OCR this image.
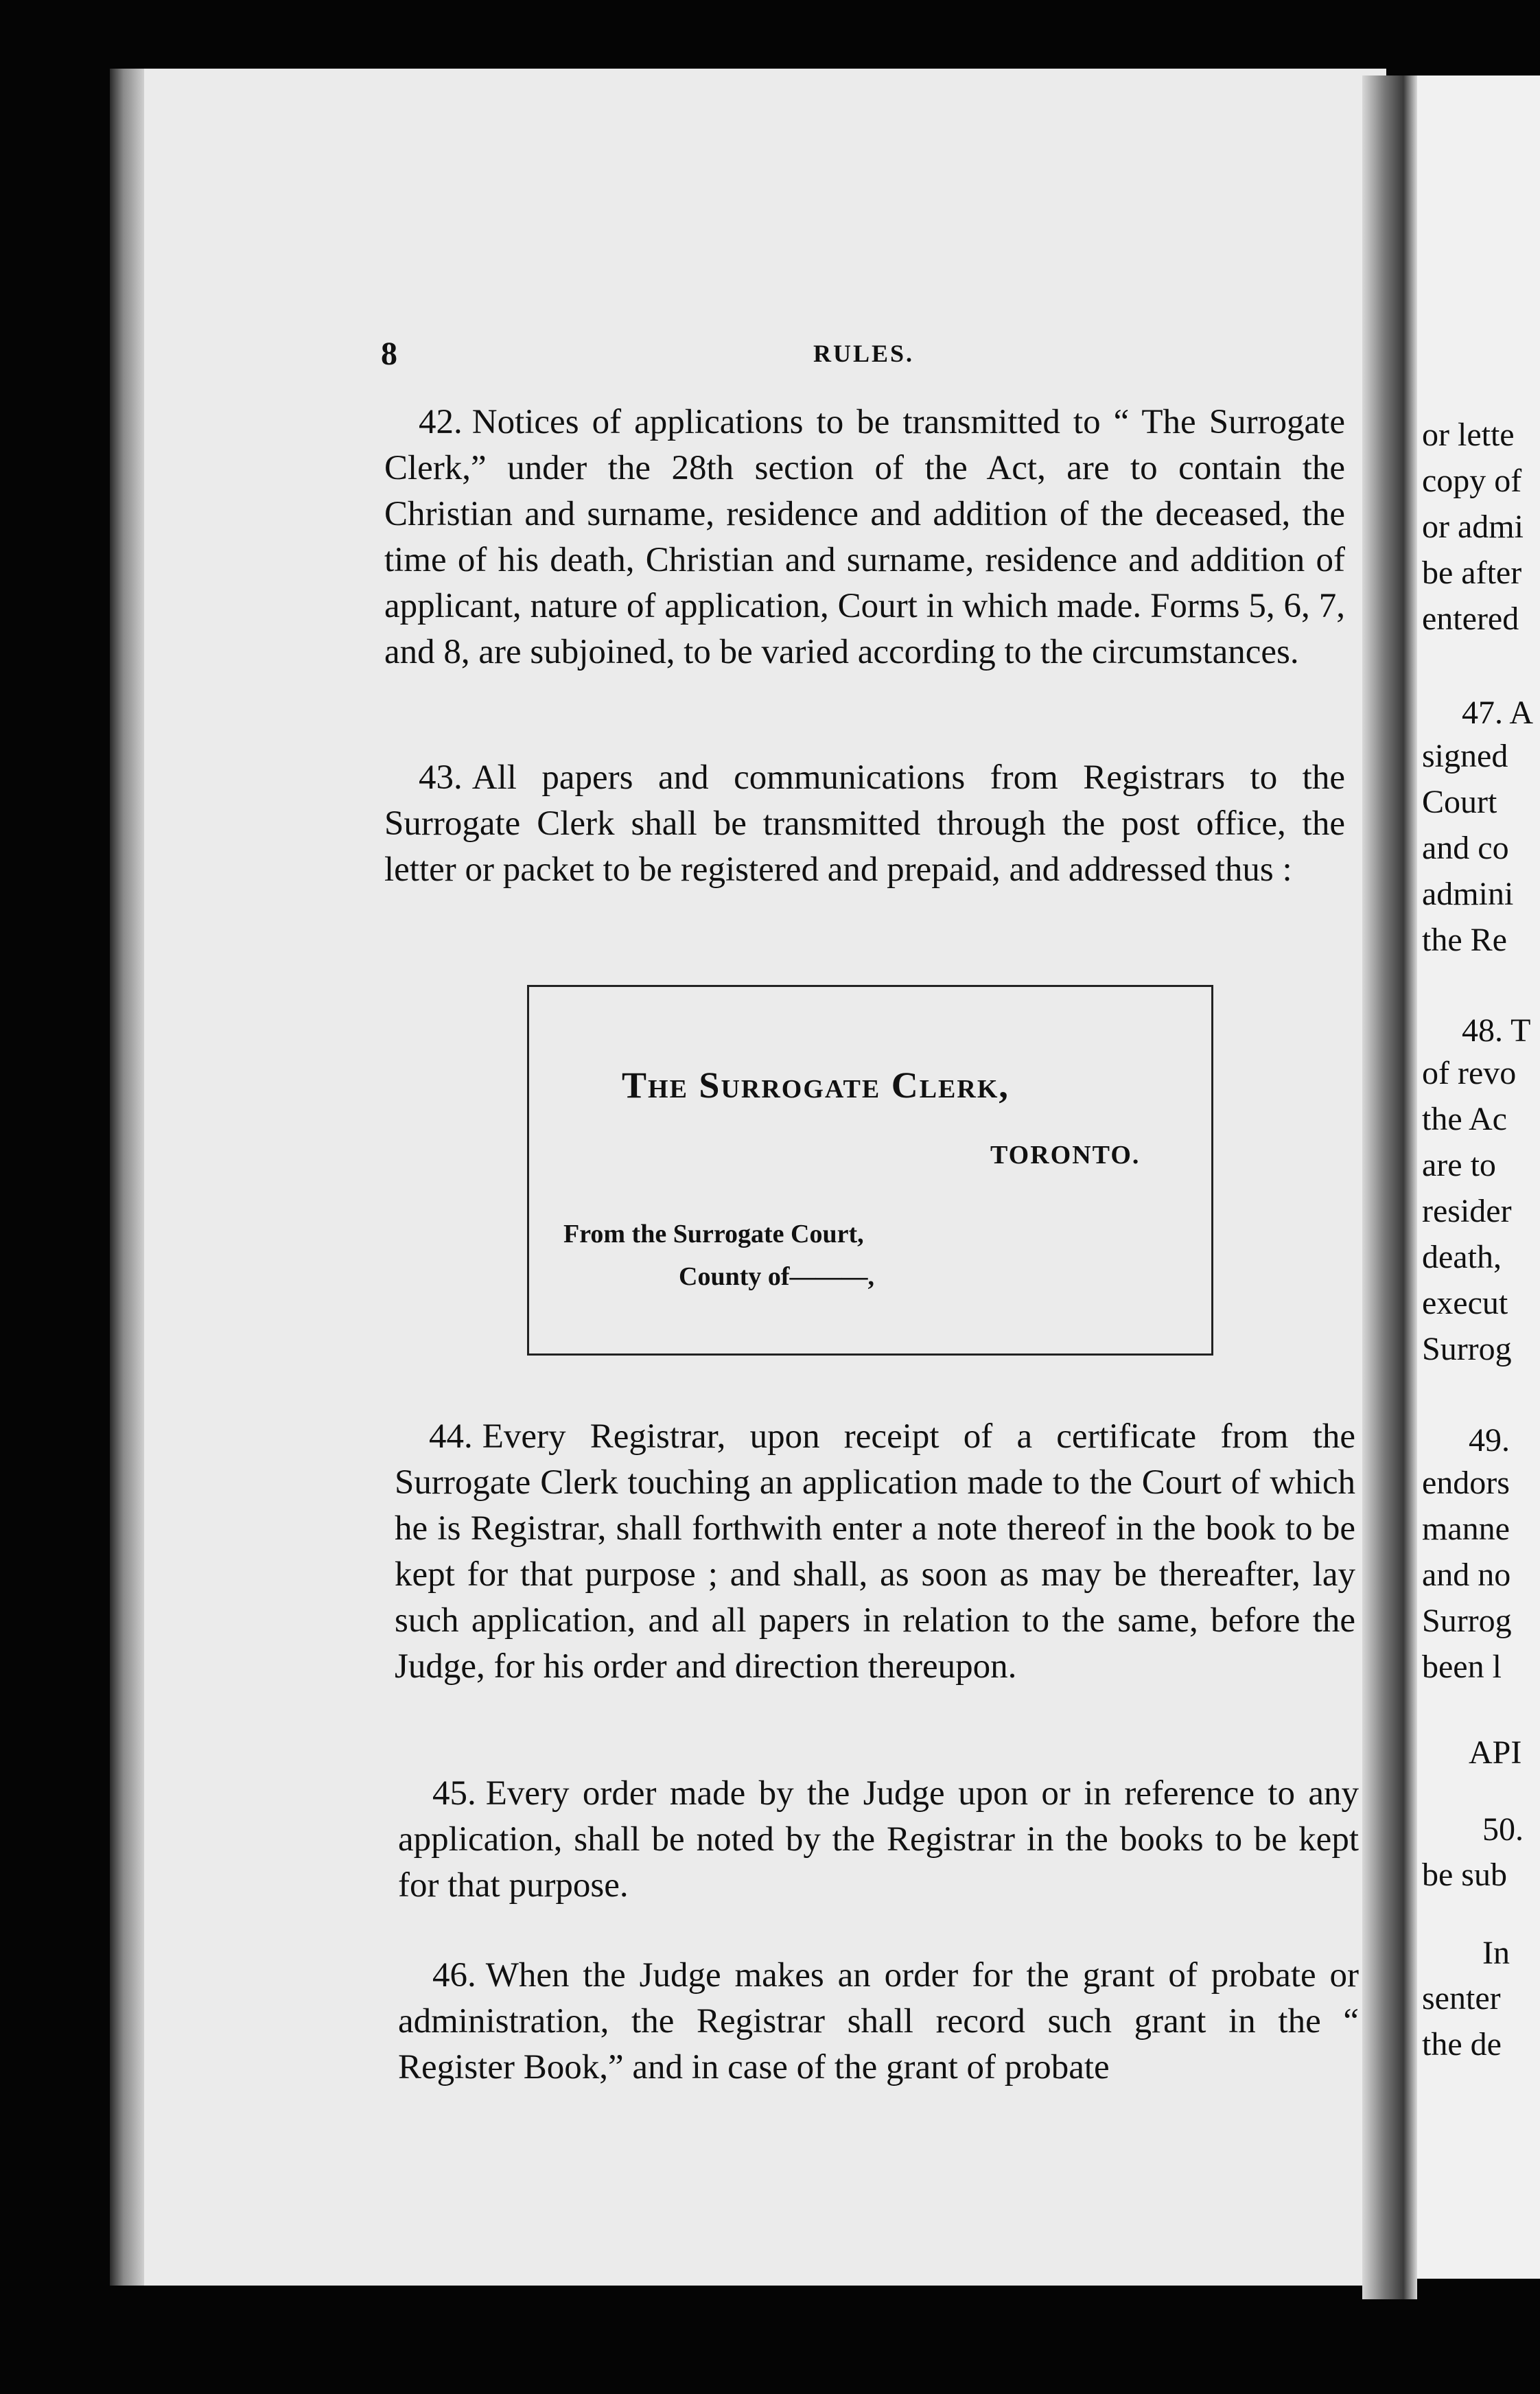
8	RULES.

42. Notices of applications to be transmitted to “ The Surrogate Clerk,” under the 28th section of the Act, are to contain the Christian and surname, residence and addition of the deceased, the time of his death, Christian and surname, residence and addition of applicant, nature of application, Court in which made. Forms 5, 6, 7, and 8, are subjoined, to be varied according to the circumstances.

43. All papers and communications from Registrars to the Surrogate Clerk shall be transmitted through the post office, the letter or packet to be registered and prepaid, and addressed thus :

The Surrogate Clerk,
TORONTO.
From the Surrogate Court,
County of———,

44. Every Registrar, upon receipt of a certificate from the Surrogate Clerk touching an application made to the Court of which he is Registrar, shall forthwith enter a note thereof in the book to be kept for that purpose ; and shall, as soon as may be thereafter, lay such application, and all papers in relation to the same, before the Judge, for his order and direction thereupon.

45. Every order made by the Judge upon or in reference to any application, shall be noted by the Registrar in the books to be kept for that purpose.

46. When the Judge makes an order for the grant of probate or administration, the Registrar shall record such grant in the “ Register Book,” and in case of the grant of probate

or lette
copy of
or admi
be after
entered
47. A
signed
Court
and co
admini
the Re
48. T
of revo
the Ac
are to
resider
death,
execut
Surrog
49.
endors
manne
and no
Surrog
been l
API
50.
be sub
In
senter
the de
